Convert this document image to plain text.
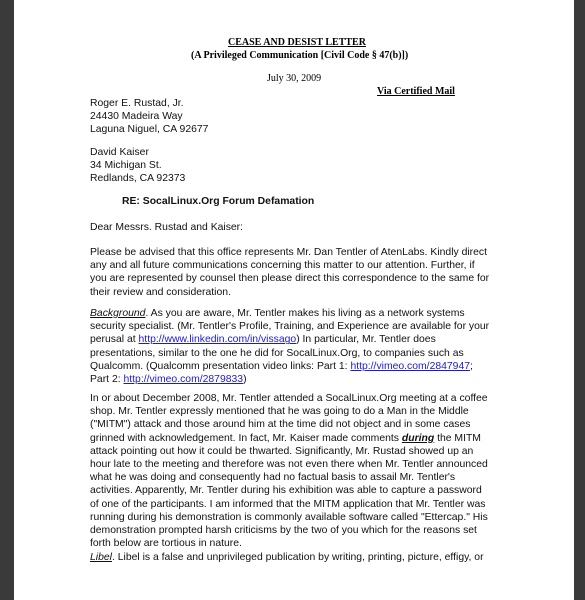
CEASE AND DESIST LETTER
(A Privileged Communication [Civil Code § 47(b)])
July 30, 2009
Via Certified Mail
Roger E. Rustad, Jr.
24430 Madeira Way
Laguna Niguel, CA 92677
David Kaiser
34 Michigan St.
Redlands, CA 92373
RE: SocalLinux.Org Forum Defamation
Dear Messrs. Rustad and Kaiser:
Please be advised that this office represents Mr. Dan Tentler of AtenLabs. Kindly direct
any and all future communications concerning this matter to our attention. Further, if
you are represented by counsel then please direct this correspondence to the same for
their review and consideration.
Background. As you are aware, Mr. Tentler makes his living as a network systems
security specialist. (Mr. Tentler's Profile, Training, and Experience are available for your
perusal at http://www.linkedin.com/in/vissago) In particular, Mr. Tentler does
presentations, similar to the one he did for SocalLinux.Org, to companies such as
Qualcomm. (Qualcomm presentation video links: Part 1: http://vimeo.com/2847947;
Part 2: http://vimeo.com/2879833)
In or about December 2008, Mr. Tentler attended a SocalLinux.Org meeting at a coffee
shop. Mr. Tentler expressly mentioned that he was going to do a Man in the Middle
("MITM") attack and those around him at the time did not object and in some cases
grinned with acknowledgement. In fact, Mr. Kaiser made comments during the MITM
attack pointing out how it could be thwarted. Significantly, Mr. Rustad showed up an
hour late to the meeting and therefore was not even there when Mr. Tentler announced
what he was doing and consequently had no factual basis to assail Mr. Tentler's
activities. Apparently, Mr. Tentler during his exhibition was able to capture a password
of one of the participants. I am informed that the MITM application that Mr. Tentler was
running during his demonstration is commonly available software called "Ettercap." His
demonstration prompted harsh criticisms by the two of you which for the reasons set
forth below are tortious in nature.
Libel. Libel is a false and unprivileged publication by writing, printing, picture, effigy, or
